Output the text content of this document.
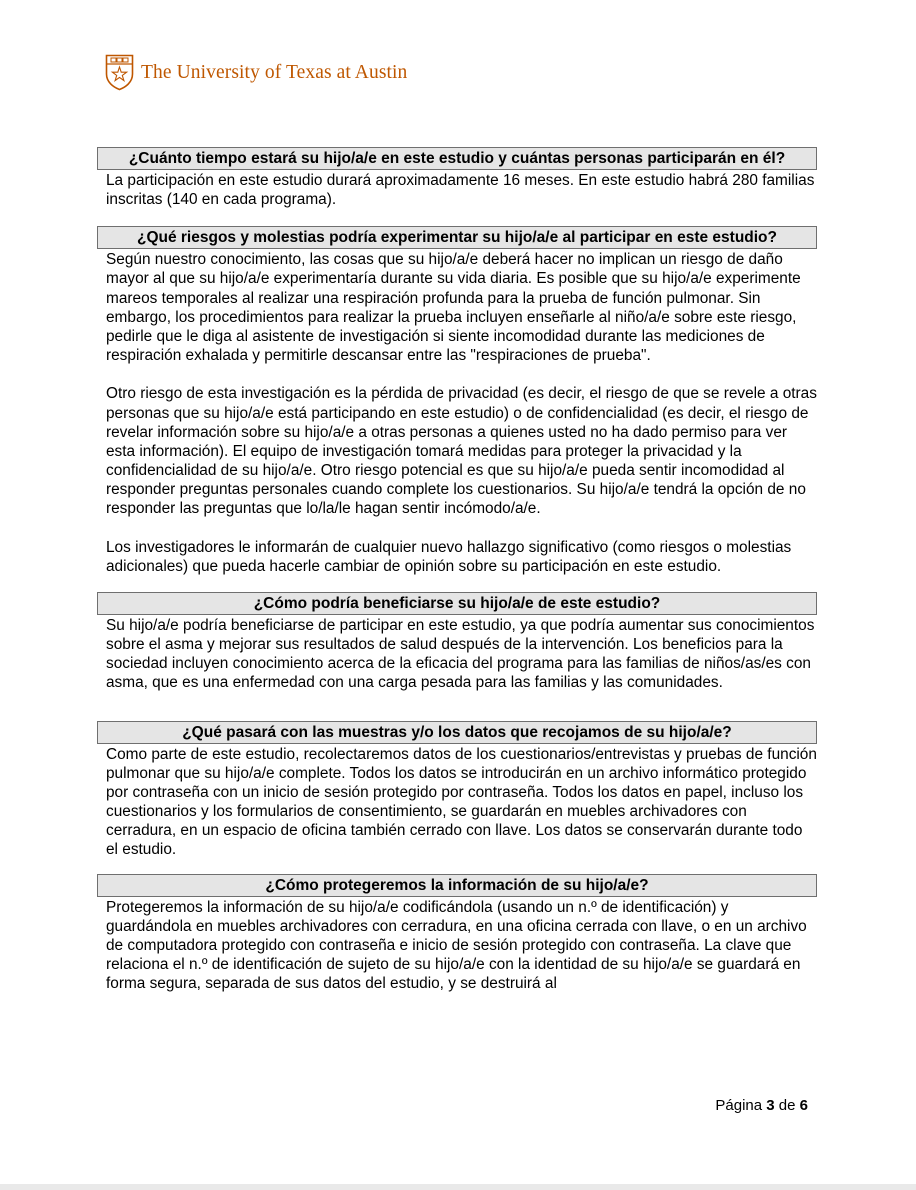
The University of Texas at Austin
¿Cuánto tiempo estará su hijo/a/e en este estudio y cuántas personas participarán en él?

La participación en este estudio durará aproximadamente 16 meses. En este estudio habrá 280 familias inscritas (140 en cada programa).

¿Qué riesgos y molestias podría experimentar su hijo/a/e al participar en este estudio?

Según nuestro conocimiento, las cosas que su hijo/a/e deberá hacer no implican un riesgo de daño mayor al que su hijo/a/e experimentaría durante su vida diaria. Es posible que su hijo/a/e experimente mareos temporales al realizar una respiración profunda para la prueba de función pulmonar. Sin embargo, los procedimientos para realizar la prueba incluyen enseñarle al niño/a/e sobre este riesgo, pedirle que le diga al asistente de investigación si siente incomodidad durante las mediciones de respiración exhalada y permitirle descansar entre las "respiraciones de prueba".

Otro riesgo de esta investigación es la pérdida de privacidad (es decir, el riesgo de que se revele a otras personas que su hijo/a/e está participando en este estudio) o de confidencialidad (es decir, el riesgo de revelar información sobre su hijo/a/e a otras personas a quienes usted no ha dado permiso para ver esta información). El equipo de investigación tomará medidas para proteger la privacidad y la confidencialidad de su hijo/a/e. Otro riesgo potencial es que su hijo/a/e pueda sentir incomodidad al responder preguntas personales cuando complete los cuestionarios. Su hijo/a/e tendrá la opción de no responder las preguntas que lo/la/le hagan sentir incómodo/a/e.

Los investigadores le informarán de cualquier nuevo hallazgo significativo (como riesgos o molestias adicionales) que pueda hacerle cambiar de opinión sobre su participación en este estudio.

¿Cómo podría beneficiarse su hijo/a/e de este estudio?

Su hijo/a/e podría beneficiarse de participar en este estudio, ya que podría aumentar sus conocimientos sobre el asma y mejorar sus resultados de salud después de la intervención. Los beneficios para la sociedad incluyen conocimiento acerca de la eficacia del programa para las familias de niños/as/es con asma, que es una enfermedad con una carga pesada para las familias y las comunidades.

¿Qué pasará con las muestras y/o los datos que recojamos de su hijo/a/e?

Como parte de este estudio, recolectaremos datos de los cuestionarios/entrevistas y pruebas de función pulmonar que su hijo/a/e complete. Todos los datos se introducirán en un archivo informático protegido por contraseña con un inicio de sesión protegido por contraseña. Todos los datos en papel, incluso los cuestionarios y los formularios de consentimiento, se guardarán en muebles archivadores con cerradura, en un espacio de oficina también cerrado con llave. Los datos se conservarán durante todo el estudio.

¿Cómo protegeremos la información de su hijo/a/e?

Protegeremos la información de su hijo/a/e codificándola (usando un n.º de identificación) y guardándola en muebles archivadores con cerradura, en una oficina cerrada con llave, o en un archivo de computadora protegido con contraseña e inicio de sesión protegido con contraseña. La clave que relaciona el n.º de identificación de sujeto de su hijo/a/e con la identidad de su hijo/a/e se guardará en forma segura, separada de sus datos del estudio, y se destruirá al

Página 3 de 6
